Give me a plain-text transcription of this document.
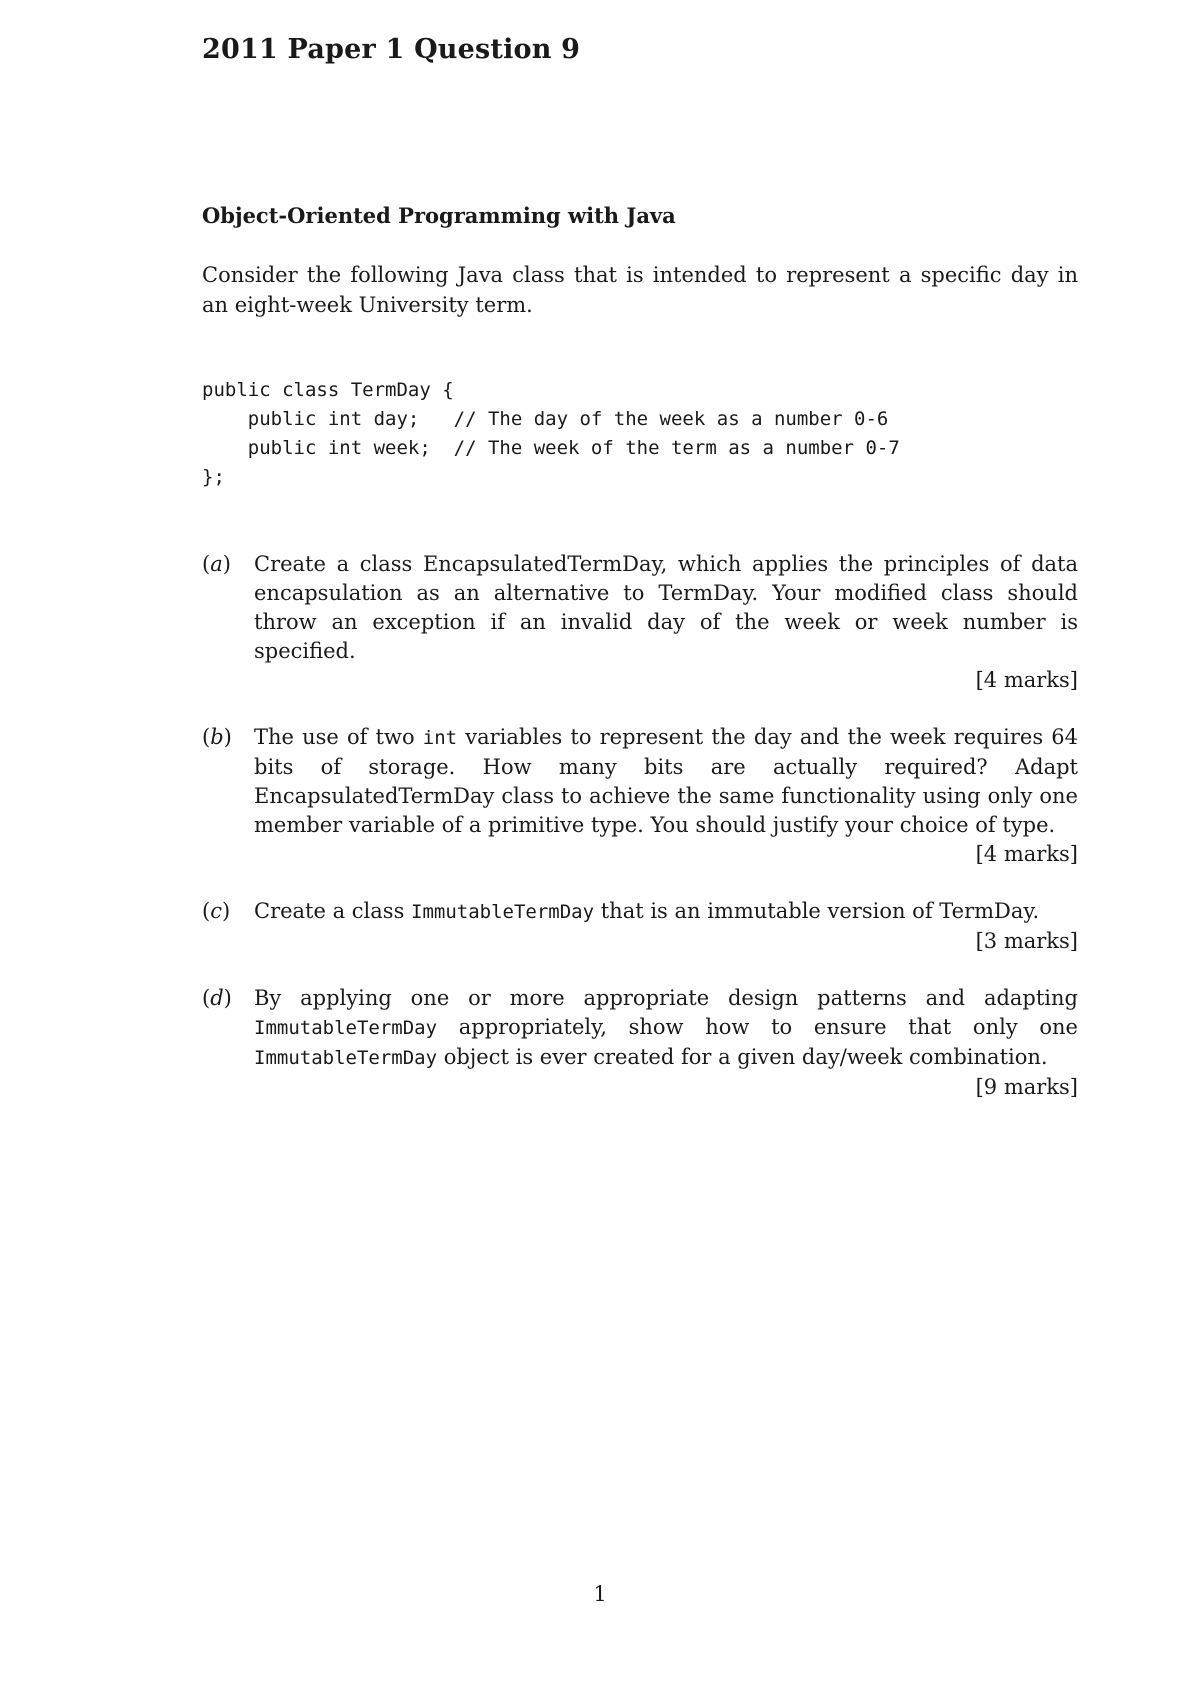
2011 Paper 1 Question 9
Object-Oriented Programming with Java
Consider the following Java class that is intended to represent a specific day in an eight-week University term.
public class TermDay {
public int day;   // The day of the week as a number 0-6
public int week;  // The week of the term as a number 0-7
};
(a) Create a class EncapsulatedTermDay, which applies the principles of data encapsulation as an alternative to TermDay. Your modified class should throw an exception if an invalid day of the week or week number is specified.
[4 marks]
(b) The use of two int variables to represent the day and the week requires 64 bits of storage. How many bits are actually required? Adapt EncapsulatedTermDay class to achieve the same functionality using only one member variable of a primitive type. You should justify your choice of type.
[4 marks]
(c) Create a class ImmutableTermDay that is an immutable version of TermDay.
[3 marks]
(d) By applying one or more appropriate design patterns and adapting ImmutableTermDay appropriately, show how to ensure that only one ImmutableTermDay object is ever created for a given day/week combination.
[9 marks]
1
